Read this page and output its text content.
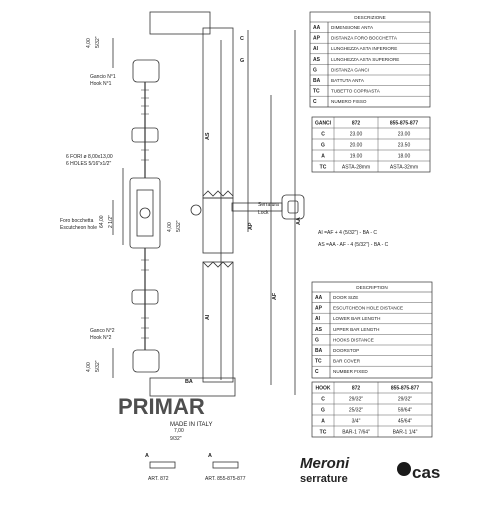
PRIMAR
MADE IN ITALY
4,00 5/32"
Gancio N°1
Hook N°1
6 FORI ø 8,00x13,00
6 HOLES 5/16"x1/2"
Foro bocchetta
Escutcheon hole 64,00 2 1/2"	4,00 5/32"
Ganco N°2
Hook N°2
4,00 5/32"
Serratura
Lock
G
AS
AI
AF
AA
C
AP
BA
A	A
7,00
9/32"
ART. 872	ART. 855-875-877
DESCRIZIONE
AA DIMENSIONE ANTA
AP DISTANZA FORO BOCCHETTA
AI	LUNGHEZZA ASTA INFERIORE
AS LUNGHEZZA ASTA SUPERIORE
G	DISTANZA GANCI
BA BATTUTA ANTA
TC TUBETTO COPRIASTA
C	NUMERO FISSO
GANCI	872	855-875-877
C	23.00	23.00
G	20.00	23.50
A	19.00	18.00
TC	ASTA-28mm	ASTA-32mm
AI =AF + 4 (5/32") - BA - C
AS =AA - AF - 4 (5/32") - BA - C
DESCRIPTION
AA DOOR SIZE
AP ESCUTCHEON HOLE DISTANCE
AI	LOWER BAR LENGTH
AS UPPER BAR LENGTH
G	HOOKS DISTANCE
BA DOORSTOP
TC BAR COVER
C	NUMBER FIXED
HOOK	872	855-875-877
C	29/32"	29/32"
G	25/32"	59/64"
A	3/4"	45/64"
TC	BAR-1 7/64"	BAR-1 1/4"
Meroni
serrature	cas
